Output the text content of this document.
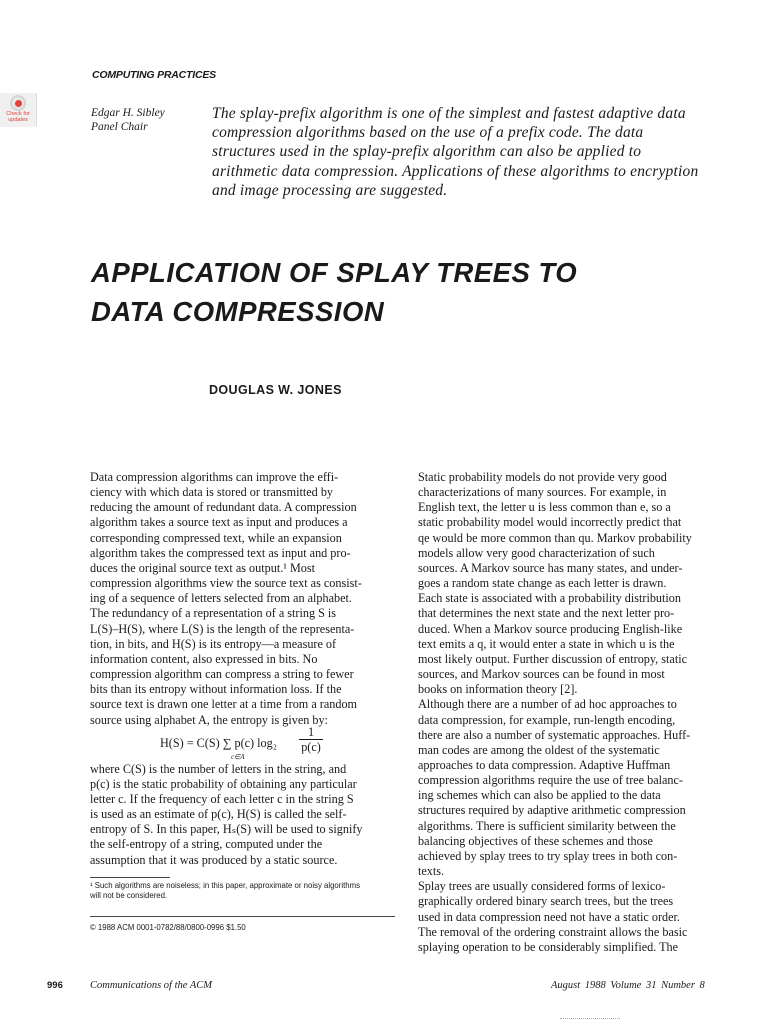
COMPUTING PRACTICES
Check for
updates
Edgar H. Sibley
Panel Chair
The splay-prefix algorithm is one of the simplest and fastest adaptive data
compression algorithms based on the use of a prefix code. The data
structures used in the splay-prefix algorithm can also be applied to
arithmetic data compression. Applications of these algorithms to encryption
and image processing are suggested.
APPLICATION OF SPLAY TREES TO
DATA COMPRESSION
DOUGLAS W. JONES
Data compression algorithms can improve the effi-
ciency with which data is stored or transmitted by
reducing the amount of redundant data. A compression
algorithm takes a source text as input and produces a
corresponding compressed text, while an expansion
algorithm takes the compressed text as input and pro-
duces the original source text as output.¹ Most
compression algorithms view the source text as consist-
ing of a sequence of letters selected from an alphabet.
The redundancy of a representation of a string S is
L(S)–H(S), where L(S) is the length of the representa-
tion, in bits, and H(S) is its entropy—a measure of
information content, also expressed in bits. No
compression algorithm can compress a string to fewer
bits than its entropy without information loss. If the
source text is drawn one letter at a time from a random
source using alphabet A, the entropy is given by:
H(S) = C(S) ∑ p(c) $\log_2 \frac{1}{p(c)}$
c∈A
where C(S) is the number of letters in the string, and
p(c) is the static probability of obtaining any particular
letter c. If the frequency of each letter c in the string S
is used as an estimate of p(c), H(S) is called the self-
entropy of S. In this paper, Hₛ(S) will be used to signify
the self-entropy of a string, computed under the
assumption that it was produced by a static source.
¹ Such algorithms are noiseless; in this paper, approximate or noisy algorithms
will not be considered.
© 1988 ACM 0001-0782/88/0800-0996 $1.50
Static probability models do not provide very good
characterizations of many sources. For example, in
English text, the letter u is less common than e, so a
static probability model would incorrectly predict that
qe would be more common than qu. Markov probability
models allow very good characterization of such
sources. A Markov source has many states, and under-
goes a random state change as each letter is drawn.
Each state is associated with a probability distribution
that determines the next state and the next letter pro-
duced. When a Markov source producing English-like
text emits a q, it would enter a state in which u is the
most likely output. Further discussion of entropy, static
sources, and Markov sources can be found in most
books on information theory [2].
Although there are a number of ad hoc approaches to
data compression, for example, run-length encoding,
there are also a number of systematic approaches. Huff-
man codes are among the oldest of the systematic
approaches to data compression. Adaptive Huffman
compression algorithms require the use of tree balanc-
ing schemes which can also be applied to the data
structures required by adaptive arithmetic compression
algorithms. There is sufficient similarity between the
balancing objectives of these schemes and those
achieved by splay trees to try splay trees in both con-
texts.
Splay trees are usually considered forms of lexico-
graphically ordered binary search trees, but the trees
used in data compression need not have a static order.
The removal of the ordering constraint allows the basic
splaying operation to be considerably simplified. The
996	Communications of the ACM	August 1988 Volume 31 Number 8
